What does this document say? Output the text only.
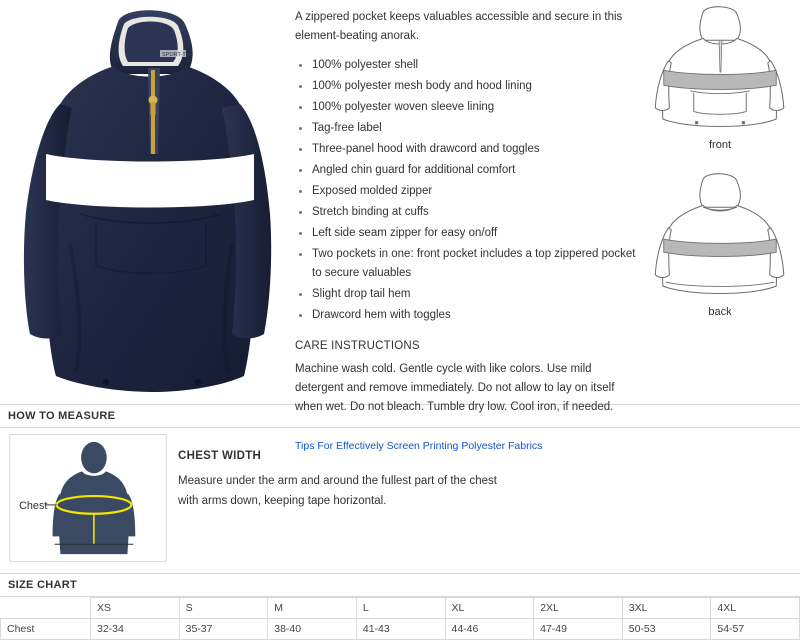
SPORT-TEK

A zippered pocket keeps valuables accessible and secure in this element-beating anorak.

100% polyester shell
100% polyester mesh body and hood lining
100% polyester woven sleeve lining
Tag-free label
Three-panel hood with drawcord and toggles
Angled chin guard for additional comfort
Exposed molded zipper
Stretch binding at cuffs
Left side seam zipper for easy on/off
Two pockets in one: front pocket includes a top zippered pocket to secure valuables
Slight drop tail hem
Drawcord hem with toggles
CARE INSTRUCTIONS

Machine wash cold. Gentle cycle with like colors. Use mild detergent and remove immediately. Do not allow to lay on itself when wet. Do not bleach. Tumble dry low. Cool iron, if needed.

Tips For Effectively Screen Printing Polyester Fabrics
front
back
HOW TO MEASURE
Chest
CHEST WIDTH

Measure under the arm and around the fullest part of the chest

with arms down, keeping tape horizontal.

SIZE CHART
	XS	S	M	L	XL	2XL	3XL	4XL
Chest	32-34	35-37	38-40	41-43	44-46	47-49	50-53	54-57
